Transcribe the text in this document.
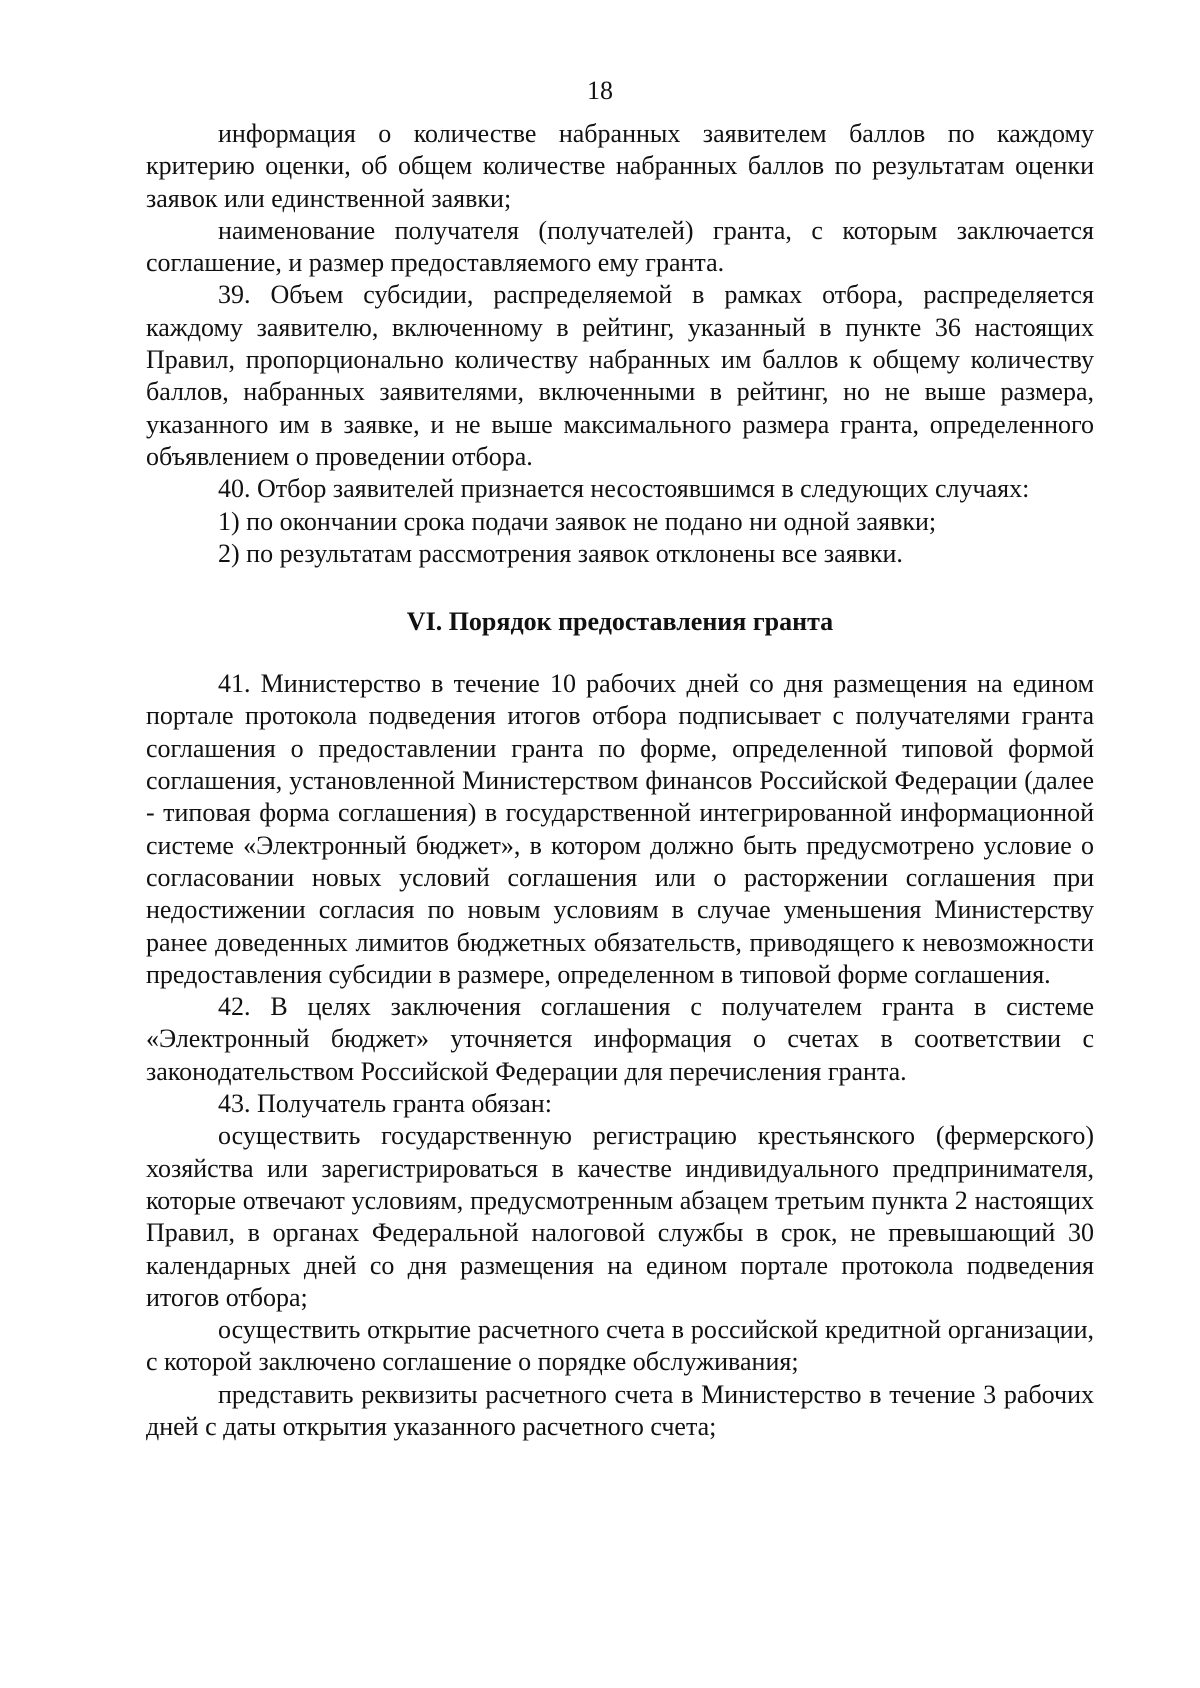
18

информация о количестве набранных заявителем баллов по каждому критерию оценки, об общем количестве набранных баллов по результатам оценки заявок или единственной заявки;

наименование получателя (получателей) гранта, с которым заключается соглашение, и размер предоставляемого ему гранта.

39. Объем субсидии, распределяемой в рамках отбора, распределяется каждому заявителю, включенному в рейтинг, указанный в пункте 36 настоящих Правил, пропорционально количеству набранных им баллов к общему количеству баллов, набранных заявителями, включенными в рейтинг, но не выше размера, указанного им в заявке, и не выше максимального размера гранта, определенного объявлением о проведении отбора.

40. Отбор заявителей признается несостоявшимся в следующих случаях:

1) по окончании срока подачи заявок не подано ни одной заявки;

2) по результатам рассмотрения заявок отклонены все заявки.

VI. Порядок предоставления гранта

41. Министерство в течение 10 рабочих дней со дня размещения на едином портале протокола подведения итогов отбора подписывает с получателями гранта соглашения о предоставлении гранта по форме, определенной типовой формой соглашения, установленной Министерством финансов Российской Федерации (далее - типовая форма соглашения) в государственной интегрированной информационной системе «Электронный бюджет», в котором должно быть предусмотрено условие о согласовании новых условий соглашения или о расторжении соглашения при недостижении согласия по новым условиям в случае уменьшения Министерству ранее доведенных лимитов бюджетных обязательств, приводящего к невозможности предоставления субсидии в размере, определенном в типовой форме соглашения.

42. В целях заключения соглашения с получателем гранта в системе «Электронный бюджет» уточняется информация о счетах в соответствии с законодательством Российской Федерации для перечисления гранта.

43. Получатель гранта обязан:

осуществить государственную регистрацию крестьянского (фермерского) хозяйства или зарегистрироваться в качестве индивидуального предпринимателя, которые отвечают условиям, предусмотренным абзацем третьим пункта 2 настоящих Правил, в органах Федеральной налоговой службы в срок, не превышающий 30 календарных дней со дня размещения на едином портале протокола подведения итогов отбора;

осуществить открытие расчетного счета в российской кредитной организации, с которой заключено соглашение о порядке обслуживания;

представить реквизиты расчетного счета в Министерство в течение 3 рабочих дней с даты открытия указанного расчетного счета;
